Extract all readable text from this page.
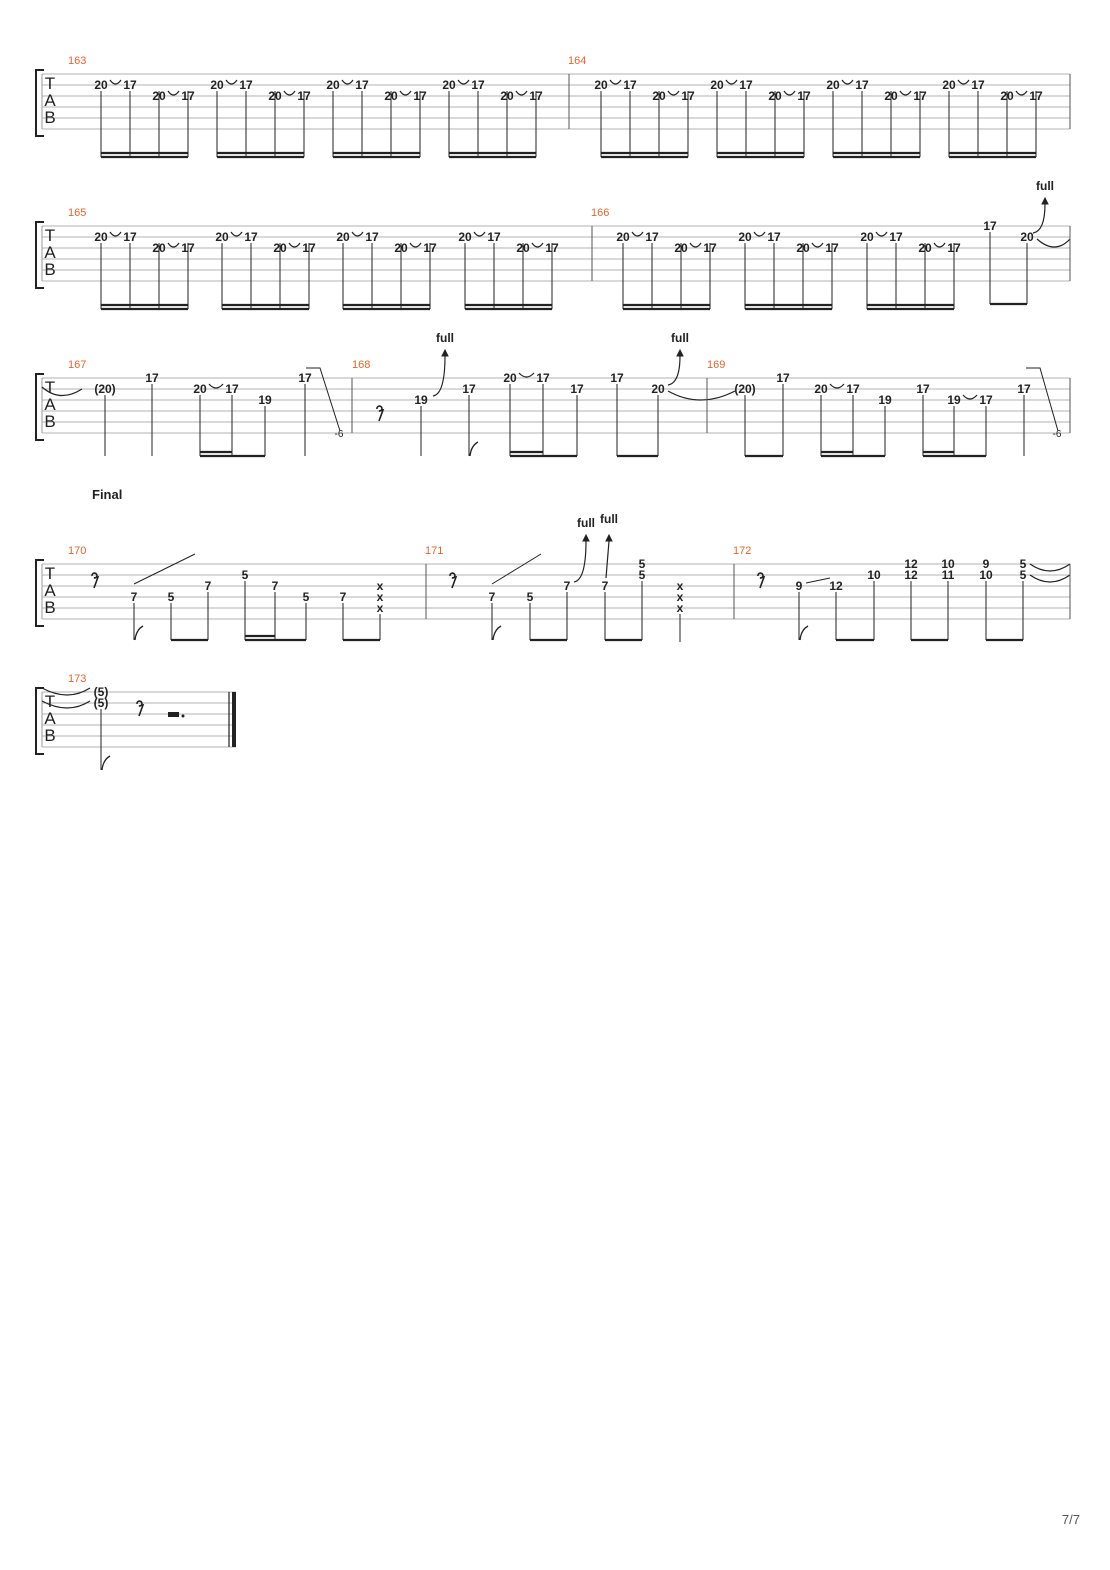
T
A
B
163
20 17
20 17
20 17
20 17
20 17
20 17
20 17
20 17
164
20 17
20 17
20 17
20 17
20 17
20 17
20 17
20 17
T
A
B
165
20 17
20 17
20 17
20 17
20 17
20 17
20 17
20 17
166
20 17
20 17
20 17
20 17
20 17
20 17
17
20
full
T
A
B
167
(20)
17
20 17
19
17
-6
168
19
full
17
20 17
17
17
20
full
169
(20)
17
20 17
19
17
19 17
17
-6
Final
T
A
B
170
7	5
7
5
7
5	7
x
x
x
171
7	5
7
full
7
full
5
5
x
x
x
172
9 12
10
12
12
10
11
9
10
5
5
T
A
B
173
(5)
(5)
7/7
